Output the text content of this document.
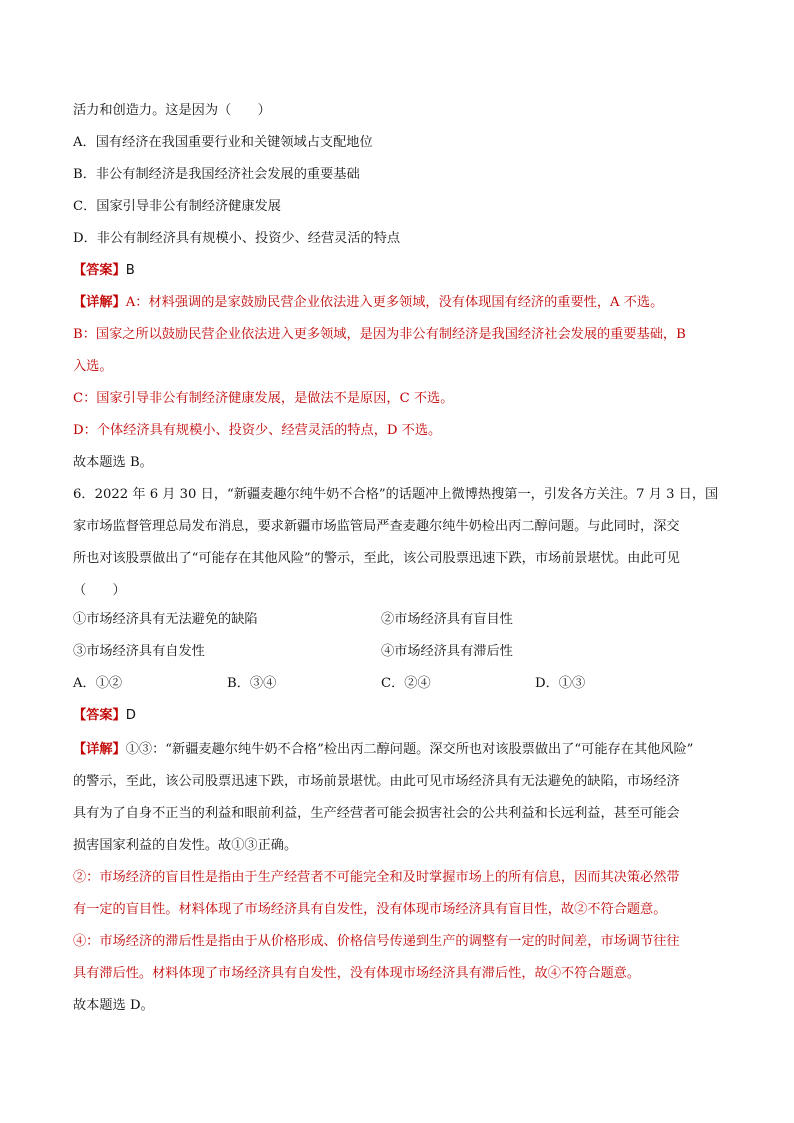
活力和创造力。这是因为（　　）
A．国有经济在我国重要行业和关键领域占支配地位
B．非公有制经济是我国经济社会发展的重要基础
C．国家引导非公有制经济健康发展
D．非公有制经济具有规模小、投资少、经营灵活的特点
【答案】B
【详解】A：材料强调的是家鼓励民营企业依法进入更多领域，没有体现国有经济的重要性，A 不选。
B：国家之所以鼓励民营企业依法进入更多领域，是因为非公有制经济是我国经济社会发展的重要基础，B
入选。
C：国家引导非公有制经济健康发展，是做法不是原因，C 不选。
D：个体经济具有规模小、投资少、经营灵活的特点，D 不选。
故本题选 B。
6．2022 年 6 月 30 日，“新疆麦趣尔纯牛奶不合格”的话题冲上微博热搜第一，引发各方关注。7 月 3 日，国
家市场监督管理总局发布消息，要求新疆市场监管局严查麦趣尔纯牛奶检出丙二醇问题。与此同时，深交
所也对该股票做出了“可能存在其他风险”的警示，至此，该公司股票迅速下跌，市场前景堪忧。由此可见
（　　）
①市场经济具有无法避免的缺陷	②市场经济具有盲目性
③市场经济具有自发性	④市场经济具有滞后性
A．①②	B．③④	C．②④	D．①③
【答案】D
【详解】①③：“新疆麦趣尔纯牛奶不合格”检出丙二醇问题。深交所也对该股票做出了“可能存在其他风险”
的警示，至此，该公司股票迅速下跌，市场前景堪忧。由此可见市场经济具有无法避免的缺陷，市场经济
具有为了自身不正当的利益和眼前利益，生产经营者可能会损害社会的公共利益和长远利益，甚至可能会
损害国家利益的自发性。故①③正确。
②：市场经济的盲目性是指由于生产经营者不可能完全和及时掌握市场上的所有信息，因而其决策必然带
有一定的盲目性。材料体现了市场经济具有自发性，没有体现市场经济具有盲目性，故②不符合题意。
④：市场经济的滞后性是指由于从价格形成、价格信号传递到生产的调整有一定的时间差，市场调节往往
具有滞后性。材料体现了市场经济具有自发性，没有体现市场经济具有滞后性，故④不符合题意。
故本题选 D。
